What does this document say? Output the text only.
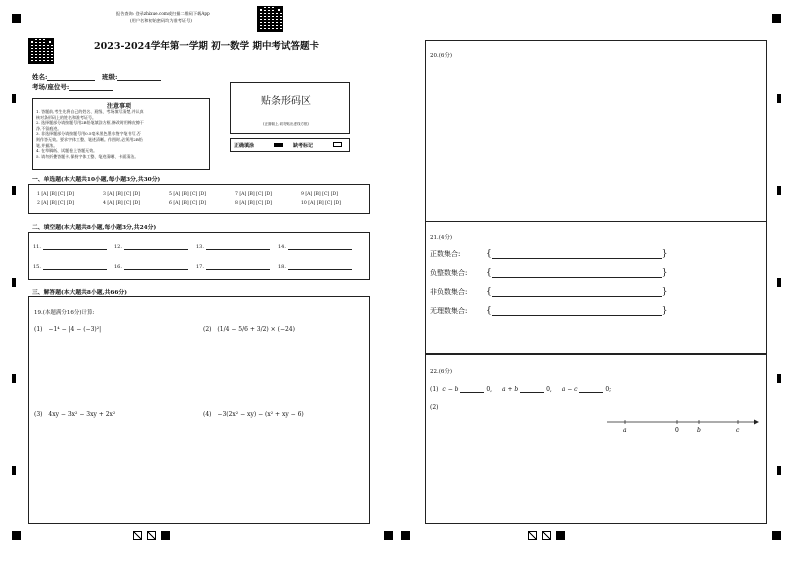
报告查询: 登录zhixue.com或扫描二维码下载App
(用户名和初始密码均为准考证号)
2023-2024学年第一学期 初一数学 期中考试答题卡
姓名:	班级:
考场/座位号:
贴条形码区
(正面朝上,切勿贴出虚线方框)
正确填涂	缺考标记
注意事项
1. 答题前,考生先将自己的姓名、班级、考场填写清楚,并认真核对条形码上的姓名和准考证号。
2. 选择题部分请按题号用2B铅笔填涂方框,修改时用橡皮擦干净,不留痕迹。
3. 非选择题部分请按题号用0.5毫米黑色墨水签字笔书写,否则作答无效。要求字体工整、笔迹清晰。作图时,必须用2B铅笔,并描浓。
4. 在草稿纸、试题卷上答题无效。
5. 请勿折叠答题卡,保持字体工整、笔迹清晰、卡面清洁。
一、单选题(本大题共10小题,每小题3分,共30分)
1 [A] [B] [C] [D]	3 [A] [B] [C] [D]	5 [A] [B] [C] [D]	7 [A] [B] [C] [D]	9 [A] [B] [C] [D]
2 [A] [B] [C] [D]	4 [A] [B] [C] [D]	6 [A] [B] [C] [D]	8 [A] [B] [C] [D]	10 [A] [B] [C] [D]
二、填空题(本大题共8小题,每小题3分,共24分)
11.	12.	13.	14.
15.	16.	17.	18.
三、解答题(本大题共8小题,共66分)
19.(本题满分16分)计算:
(1) −1⁴ − |4 − (−3)²|	(2) (1/4 − 5/6 + 3/2) × (−24)
(3) 4xy − 3x² − 3xy + 2x²	(4) −3(2x² − xy) − (x² + xy − 6)
20.(6分)
21.(4分)
正数集合:	{	}
负整数集合: {	}
非负数集合: {	}
无理数集合: {	}
22.(6分)
(1) c − b	0, a + b	0, a − c	0;
(2)
a	0	b	c
